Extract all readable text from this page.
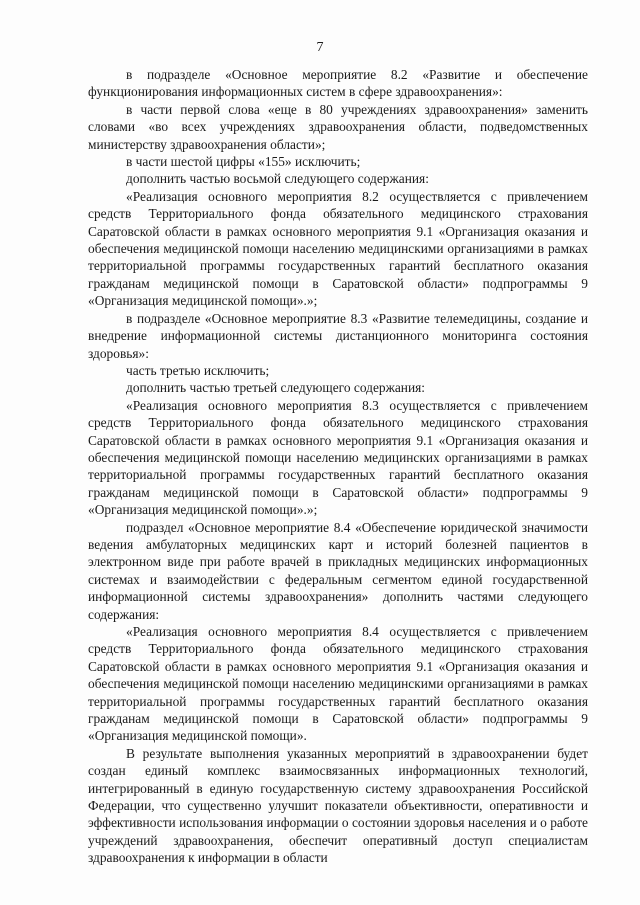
7

в подразделе «Основное мероприятие 8.2 «Развитие и обеспечение функционирования информационных систем в сфере здравоохранения»:

в части первой слова «еще в 80 учреждениях здравоохранения» заменить словами «во всех учреждениях здравоохранения области, подведомственных министерству здравоохранения области»;

в части шестой цифры «155» исключить;

дополнить частью восьмой следующего содержания:

«Реализация основного мероприятия 8.2 осуществляется с привлечением средств Территориального фонда обязательного медицинского страхования Саратовской области в рамках основного мероприятия 9.1 «Организация оказания и обеспечения медицинской помощи населению медицинскими организациями в рамках территориальной программы государственных гарантий бесплатного оказания гражданам медицинской помощи в Саратовской области» подпрограммы 9 «Организация медицинской помощи».»;

в подразделе «Основное мероприятие 8.3 «Развитие телемедицины, создание и внедрение информационной системы дистанционного мониторинга состояния здоровья»:

часть третью исключить;

дополнить частью третьей следующего содержания:

«Реализация основного мероприятия 8.3 осуществляется с привлечением средств Территориального фонда обязательного медицинского страхования Саратовской области в рамках основного мероприятия 9.1 «Организация оказания и обеспечения медицинской помощи населению медицинских организациями в рамках территориальной программы государственных гарантий бесплатного оказания гражданам медицинской помощи в Саратовской области» подпрограммы 9 «Организация медицинской помощи».»;

подраздел «Основное мероприятие 8.4 «Обеспечение юридической значимости ведения амбулаторных медицинских карт и историй болезней пациентов в электронном виде при работе врачей в прикладных медицинских информационных системах и взаимодействии с федеральным сегментом единой государственной информационной системы здравоохранения» дополнить частями следующего содержания:

«Реализация основного мероприятия 8.4 осуществляется с привлечением средств Территориального фонда обязательного медицинского страхования Саратовской области в рамках основного мероприятия 9.1 «Организация оказания и обеспечения медицинской помощи населению медицинскими организациями в рамках территориальной программы государственных гарантий бесплатного оказания гражданам медицинской помощи в Саратовской области» подпрограммы 9 «Организация медицинской помощи».

В результате выполнения указанных мероприятий в здравоохранении будет создан единый комплекс взаимосвязанных информационных технологий, интегрированный в единую государственную систему здравоохранения Российской Федерации, что существенно улучшит показатели объективности, оперативности и эффективности использования информации о состоянии здоровья населения и о работе учреждений здравоохранения, обеспечит оперативный доступ специалистам здравоохранения к информации в области
